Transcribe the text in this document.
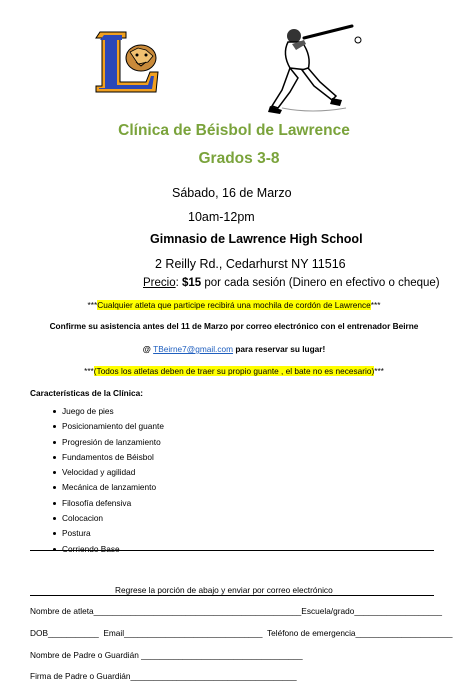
Clínica de Béisbol de Lawrence
Grados 3-8
Sábado, 16 de Marzo
10am-12pm
Gimnasio de Lawrence High School
2 Reilly Rd., Cedarhurst NY 11516
Precio: $15 por cada sesión (Dinero en efectivo o cheque)
***Cualquier atleta que participe recibirá una mochila de cordón de Lawrence***
Confirme su asistencia antes del 11 de Marzo por correo electrónico con el entrenador Beirne
@ TBeirne7@gmail.com para reservar su lugar!
***(Todos los atletas deben de traer su propio guante , el bate no es necesario)***
Características de la Clínica:
Juego de pies
Posicionamiento del guante
Progresión de lanzamiento
Fundamentos de Béisbol
Velocidad y agilidad
Mecánica de lanzamiento
Filosofía defensiva
Colocacion
Postura
Corriendo Base
Regrese la porción de abajo y enviar por correo electrónico
Nombre de atleta_____________________________________________Escuela/grado___________________
DOB___________  Email______________________________  Teléfono de emergencia_____________________
Nombre de Padre o Guardián ___________________________________
Firma de Padre o Guardián____________________________________
